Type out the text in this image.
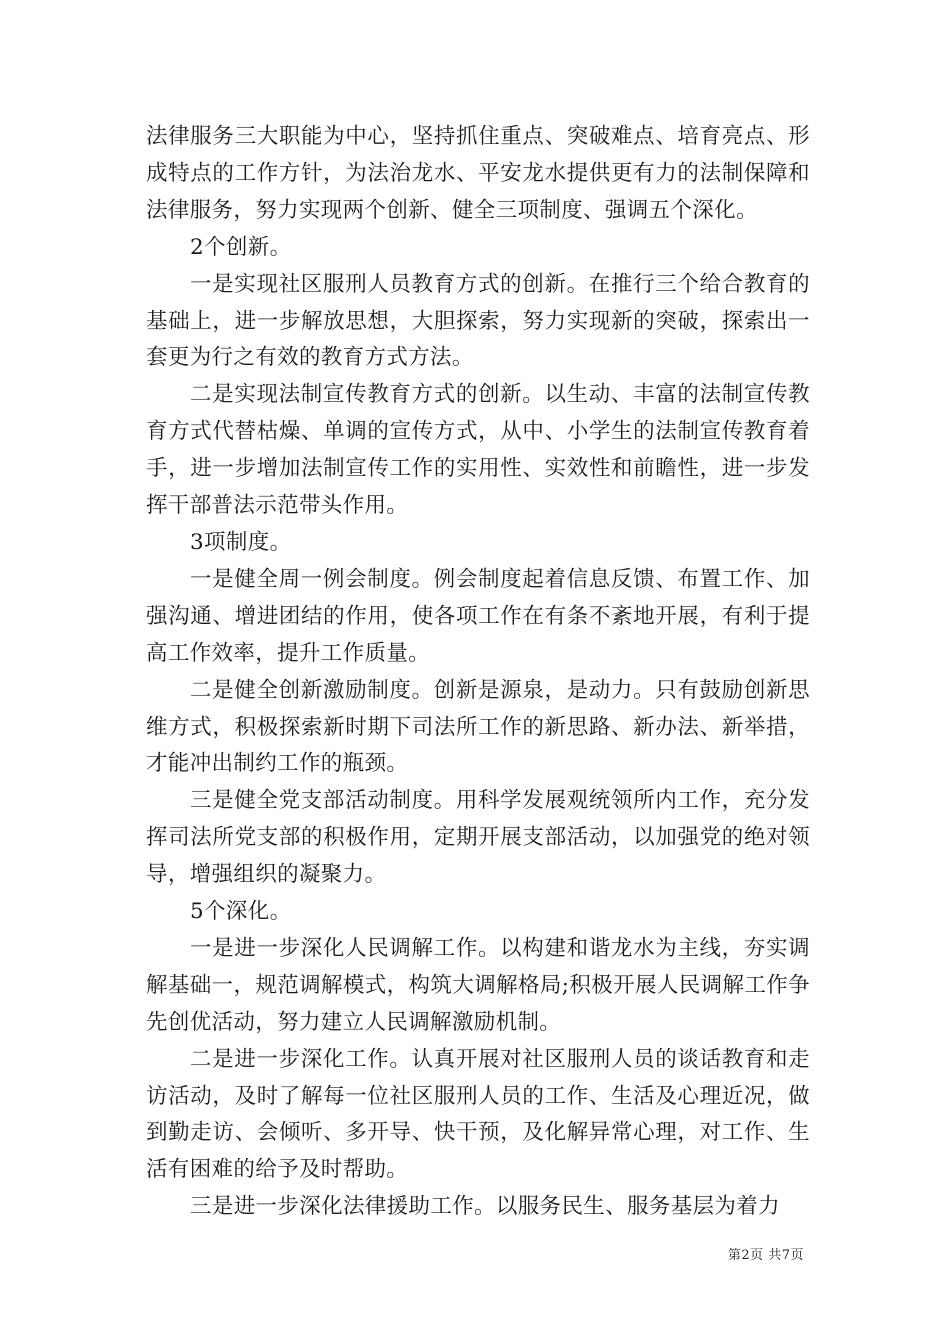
法律服务三大职能为中心，坚持抓住重点、突破难点、培育亮点、形成特点的工作方针，为法治龙水、平安龙水提供更有力的法制保障和法律服务，努力实现两个创新、健全三项制度、强调五个深化。

2个创新。

一是实现社区服刑人员教育方式的创新。在推行三个给合教育的基础上，进一步解放思想，大胆探索，努力实现新的突破，探索出一套更为行之有效的教育方式方法。

二是实现法制宣传教育方式的创新。以生动、丰富的法制宣传教育方式代替枯燥、单调的宣传方式，从中、小学生的法制宣传教育着手，进一步增加法制宣传工作的实用性、实效性和前瞻性，进一步发挥干部普法示范带头作用。

3项制度。

一是健全周一例会制度。例会制度起着信息反馈、布置工作、加强沟通、增进团结的作用，使各项工作在有条不紊地开展，有利于提高工作效率，提升工作质量。

二是健全创新激励制度。创新是源泉，是动力。只有鼓励创新思维方式，积极探索新时期下司法所工作的新思路、新办法、新举措，才能冲出制约工作的瓶颈。

三是健全党支部活动制度。用科学发展观统领所内工作，充分发挥司法所党支部的积极作用，定期开展支部活动，以加强党的绝对领导，增强组织的凝聚力。

5个深化。

一是进一步深化人民调解工作。以构建和谐龙水为主线，夯实调解基础一，规范调解模式，构筑大调解格局;积极开展人民调解工作争先创优活动，努力建立人民调解激励机制。

二是进一步深化工作。认真开展对社区服刑人员的谈话教育和走访活动，及时了解每一位社区服刑人员的工作、生活及心理近况，做到勤走访、会倾听、多开导、快干预，及化解异常心理，对工作、生活有困难的给予及时帮助。

三是进一步深化法律援助工作。以服务民生、服务基层为着力

第2页 共7页
